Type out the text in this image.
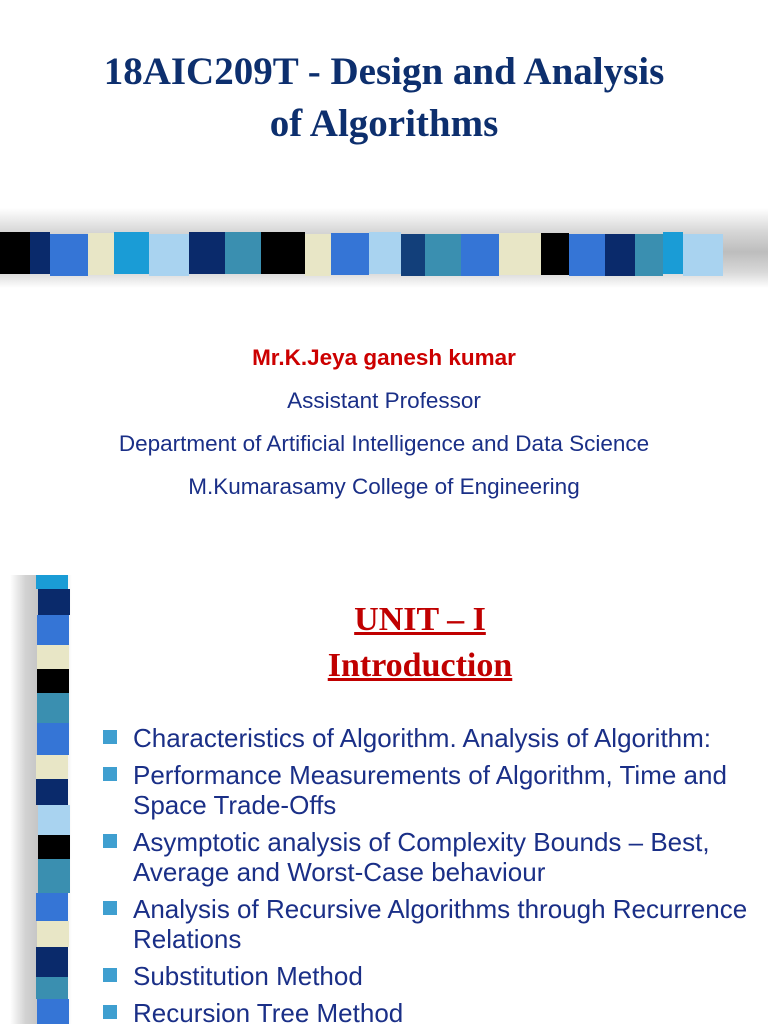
18AIC209T - Design and Analysis
of Algorithms
Mr.K.Jeya ganesh kumar
Assistant Professor
Department of Artificial Intelligence and Data Science
M.Kumarasamy College of Engineering
UNIT – I
Introduction
Characteristics of Algorithm. Analysis of Algorithm:
Performance Measurements of Algorithm, Time and Space Trade-Offs
Asymptotic analysis of Complexity Bounds – Best, Average and Worst-Case behaviour
Analysis of Recursive Algorithms through Recurrence Relations
Substitution Method
Recursion Tree Method
